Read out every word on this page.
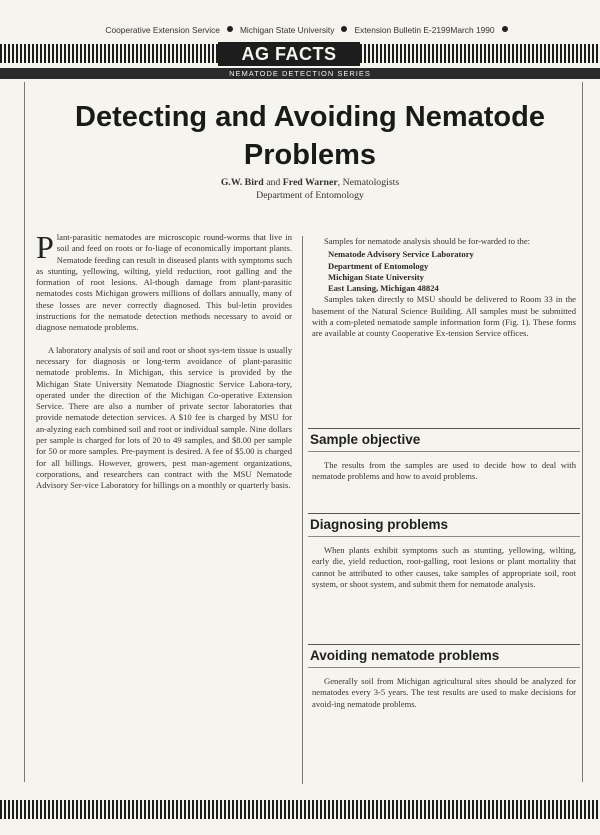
Cooperative Extension Service Michigan State University Extension Bulletin E-2199March 1990
AG FACTS
NEMATODE DETECTION SERIES
Detecting and Avoiding Nematode Problems
G.W. Bird and Fred Warner, Nematologists
Department of Entomology

Plant-parasitic nematodes are microscopic round-worms that live in soil and feed on roots or fo-liage of economically important plants. Nematode feeding can result in diseased plants with symptoms such as stunting, yellowing, wilting, yield reduction, root galling and the formation of root lesions. Al-though damage from plant-parasitic nematodes costs Michigan growers millions of dollars annually, many of these losses are never correctly diagnosed. This bul-letin provides instructions for the nematode detection methods necessary to avoid or diagnose nematode problems.

A laboratory analysis of soil and root or shoot sys-tem tissue is usually necessary for diagnosis or long-term avoidance of plant-parasitic nematode problems. In Michigan, this service is provided by the Michigan State University Nematode Diagnostic Service Labora-tory, operated under the direction of the Michigan Co-operative Extension Service. There are also a number of private sector laboratories that provide nematode detection services. A $10 fee is charged by MSU for an-alyzing each combined soil and root or individual sample. Nine dollars per sample is charged for lots of 20 to 49 samples, and $8.00 per sample for 50 or more samples. Pre-payment is desired. A fee of $5.00 is charged for all billings. However, growers, pest man-agement organizations, corporations, and researchers can contract with the MSU Nematode Advisory Ser-vice Laboratory for billings on a monthly or quarterly basis.

Samples for nematode analysis should be for-warded to the:

Nematode Advisory Service Laboratory
Department of Entomology
Michigan State University
East Lansing, Michigan 48824

Samples taken directly to MSU should be delivered to Room 33 in the basement of the Natural Science Building. All samples must be submitted with a com-pleted nematode sample information form (Fig. 1). These forms are available at county Cooperative Ex-tension Service offices.

Sample objective

The results from the samples are used to decide how to deal with nematode problems and how to avoid problems.

Diagnosing problems

When plants exhibit symptoms such as stunting, yellowing, wilting, early die, yield reduction, root-galling, root lesions or plant mortality that cannot be attributed to other causes, take samples of appropriate soil, root system, or shoot system, and submit them for nematode analysis.

Avoiding nematode problems

Generally soil from Michigan agricultural sites should be analyzed for nematodes every 3-5 years. The test results are used to make decisions for avoid-ing nematode problems.
